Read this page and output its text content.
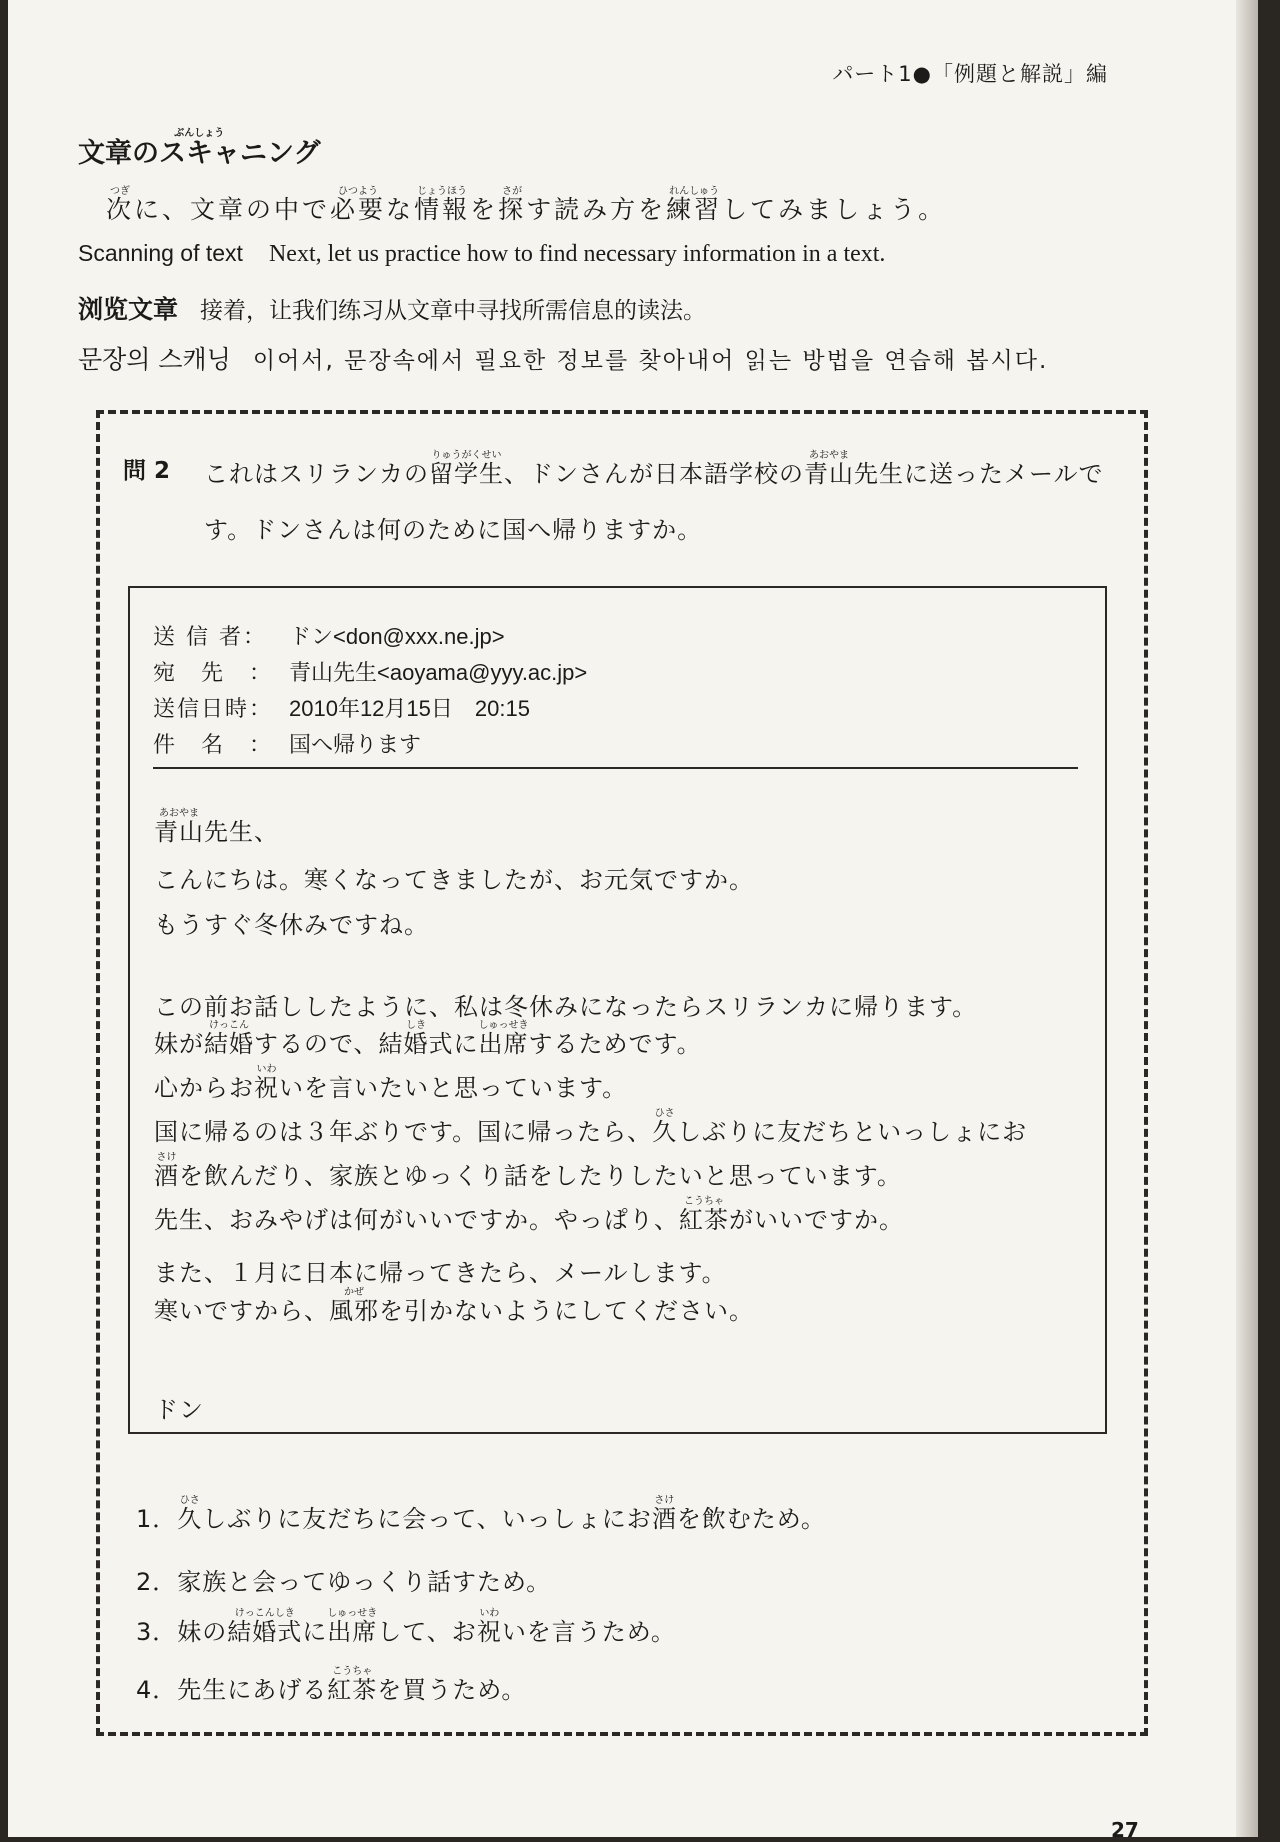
パート1●「例題と解説」編
文章のスキャニングぶんしょう
次つぎに、文章の中で必要ひつような情報じょうほうを探さがす読み方を練習れんしゅうしてみましょう。
Scanning of text Next, let us practice how to find necessary information in a text.
浏览文章 接着，让我们练习从文章中寻找所需信息的读法。
문장의 스캐닝 이어서, 문장속에서 필요한 정보를 찾아내어 읽는 방법을 연습해 봅시다.
問 2 これはスリランカの留学生りゅうがくせい、ドンさんが日本語学校の青山あおやま先生に送ったメールです。ドンさんは何のために国へ帰りますか。
送 信 者： ドン<don@xxx.ne.jp>
宛　先　： 青山先生<aoyama@yyy.ac.jp>
送信日時： 2010年12月15日　20:15
件　名　： 国へ帰ります
青山あおやま先生、
こんにちは。寒くなってきましたが、お元気ですか。
もうすぐ冬休みですね。
この前お話ししたように、私は冬休みになったらスリランカに帰ります。
妹が結婚けっこんするので、結婚式しきに出席しゅっせきするためです。
心からお祝いわいを言いたいと思っています。
国に帰るのは３年ぶりです。国に帰ったら、久ひさしぶりに友だちといっしょにお
酒さけを飲んだり、家族とゆっくり話をしたりしたいと思っています。
先生、おみやげは何がいいですか。やっぱり、紅茶こうちゃがいいですか。
また、１月に日本に帰ってきたら、メールします。
寒いですから、風邪かぜを引かないようにしてください。
ドン
1．久ひさしぶりに友だちに会って、いっしょにお酒さけを飲むため。
2．家族と会ってゆっくり話すため。
3．妹の結婚式けっこんしきに出席しゅっせきして、お祝いわいを言うため。
4．先生にあげる紅茶こうちゃを買うため。
27
